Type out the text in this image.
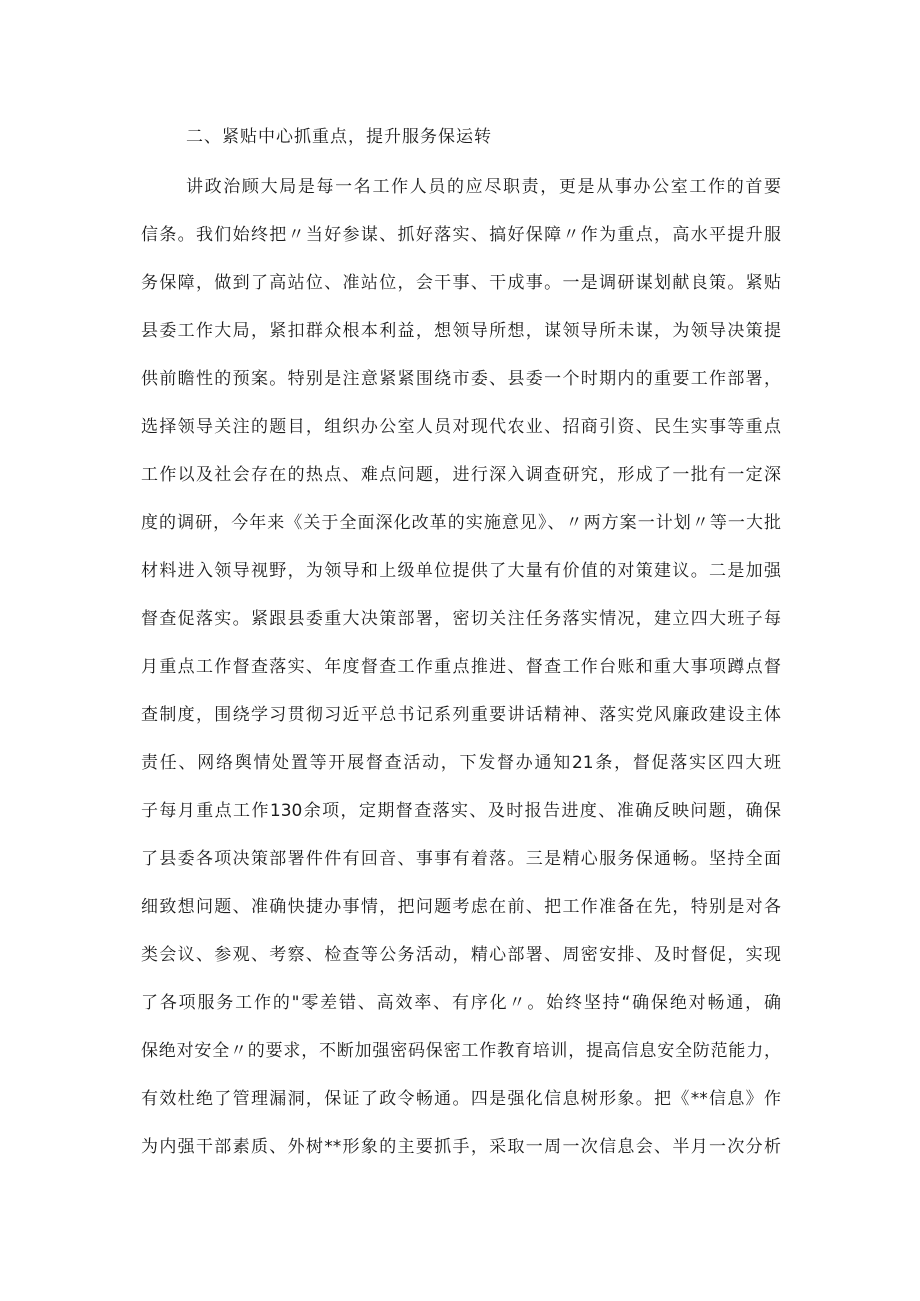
二、紧贴中心抓重点，提升服务保运转
讲政治顾大局是每一名工作人员的应尽职责，更是从事办公室工作的首要
信条。我们始终把〃当好参谋、抓好落实、搞好保障〃作为重点，高水平提升服
务保障，做到了高站位、准站位，会干事、干成事。一是调研谋划献良策。紧贴
县委工作大局，紧扣群众根本利益，想领导所想，谋领导所未谋，为领导决策提
供前瞻性的预案。特别是注意紧紧围绕市委、县委一个时期内的重要工作部署，
选择领导关注的题目，组织办公室人员对现代农业、招商引资、民生实事等重点
工作以及社会存在的热点、难点问题，进行深入调查研究，形成了一批有一定深
度的调研，今年来《关于全面深化改革的实施意见》、〃两方案一计划〃等一大批
材料进入领导视野，为领导和上级单位提供了大量有价值的对策建议。二是加强
督查促落实。紧跟县委重大决策部署，密切关注任务落实情况，建立四大班子每
月重点工作督查落实、年度督查工作重点推进、督查工作台账和重大事项蹲点督
查制度，围绕学习贯彻习近平总书记系列重要讲话精神、落实党风廉政建设主体
责任、网络舆情处置等开展督查活动，下发督办通知21条，督促落实区四大班
子每月重点工作130余项，定期督查落实、及时报告进度、准确反映问题，确保
了县委各项决策部署件件有回音、事事有着落。三是精心服务保通畅。坚持全面
细致想问题、准确快捷办事情，把问题考虑在前、把工作准备在先，特别是对各
类会议、参观、考察、检查等公务活动，精心部署、周密安排、及时督促，实现
了各项服务工作的"零差错、高效率、有序化〃。始终坚持“确保绝对畅通，确
保绝对安全〃的要求，不断加强密码保密工作教育培训，提高信息安全防范能力，
有效杜绝了管理漏洞，保证了政令畅通。四是强化信息树形象。把《**信息》作
为内强干部素质、外树**形象的主要抓手，采取一周一次信息会、半月一次分析
